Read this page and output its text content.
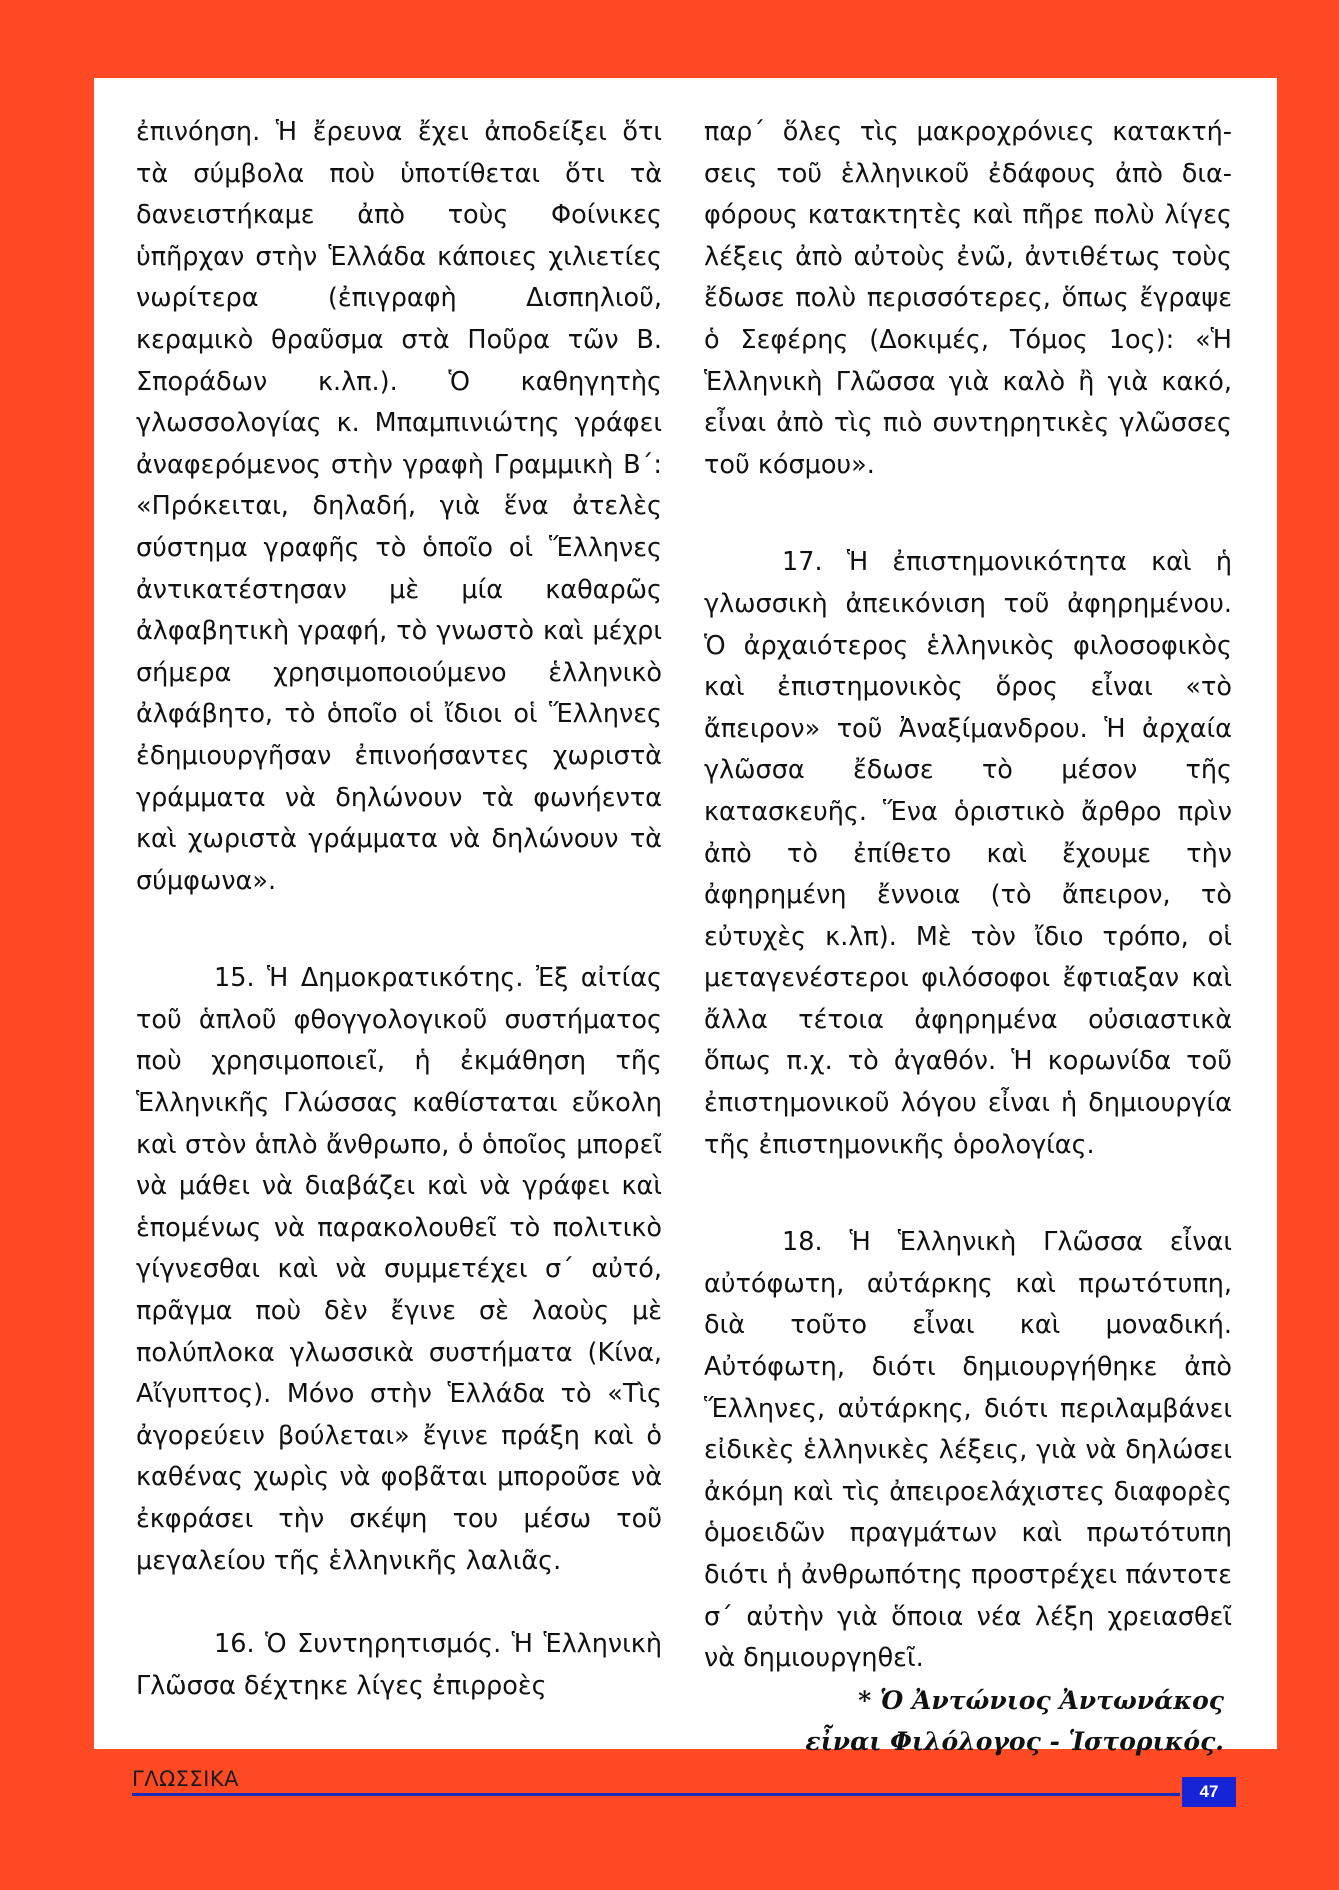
ἐπινόηση. Ἡ ἔρευνα ἔχει ἀποδείξει ὅτι τὰ σύμβολα ποὺ ὑποτίθεται ὅτι τὰ δανειστήκαμε ἀπὸ τοὺς Φοίνικες ὑπῆρχαν στὴν Ἑλλάδα κάποιες χιλιετίες νωρίτερα (ἐπιγραφὴ Δισπηλιοῦ, κεραμικὸ θραῦσμα στὰ Ποῦρα τῶν Β. Σποράδων κ.λπ.). Ὁ καθηγητὴς γλωσσολογίας κ. Μπαμπινιώτης γράφει ἀναφερόμενος στὴν γραφὴ Γραμμικὴ Β΄: «Πρόκειται, δηλαδή, γιὰ ἕνα ἀτελὲς σύστημα γραφῆς τὸ ὁποῖο οἱ Ἕλληνες ἀντικατέστησαν μὲ μία καθαρῶς ἀλφαβητικὴ γραφή, τὸ γνωστὸ καὶ μέχρι σήμερα χρησιμοποιούμενο ἑλληνικὸ ἀλφάβητο, τὸ ὁποῖο οἱ ἴδιοι οἱ Ἕλληνες ἐδημιουργῆσαν ἐπινοήσαντες χωριστὰ γράμματα νὰ δηλώνουν τὰ φωνήεντα καὶ χωριστὰ γράμματα νὰ δηλώνουν τὰ σύμφωνα».

15. Ἡ Δημοκρατικότης. Ἐξ αἰτίας τοῦ ἁπλοῦ φθογγολογικοῦ συστήματος ποὺ χρησιμοποιεῖ, ἡ ἐκμάθηση τῆς Ἑλληνικῆς Γλώσσας καθίσταται εὔκολη καὶ στὸν ἁπλὸ ἄνθρωπο, ὁ ὁποῖος μπορεῖ νὰ μάθει νὰ διαβάζει καὶ νὰ γράφει καὶ ἑπομένως νὰ παρακολουθεῖ τὸ πολιτικὸ γίγνεσθαι καὶ νὰ συμμετέχει σ΄ αὐτό, πρᾶγμα ποὺ δὲν ἔγινε σὲ λαοὺς μὲ πολύπλοκα γλωσσικὰ συστήματα (Κίνα, Αἴγυπτος). Μόνο στὴν Ἑλλάδα τὸ «Τὶς ἀγορεύειν βούλεται» ἔγινε πράξη καὶ ὁ καθένας χωρὶς νὰ φοβᾶται μποροῦσε νὰ ἐκφράσει τὴν σκέψη του μέσω τοῦ μεγαλείου τῆς ἑλληνικῆς λαλιᾶς.

16. Ὁ Συντηρητισμός. Ἡ Ἑλληνικὴ Γλῶσσα δέχτηκε λίγες ἐπιρροὲς

παρ΄ ὅλες τὶς μακροχρόνιες κατακτήσεις τοῦ ἑλληνικοῦ ἐδάφους ἀπὸ διαφόρους κατακτητὲς καὶ πῆρε πολὺ λίγες λέξεις ἀπὸ αὐτοὺς ἐνῶ, ἀντιθέτως τοὺς ἔδωσε πολὺ περισσότερες, ὅπως ἔγραψε ὁ Σεφέρης (Δοκιμές, Τόμος 1ος): «Ἡ Ἑλληνικὴ Γλῶσσα γιὰ καλὸ ἢ γιὰ κακό, εἶναι ἀπὸ τὶς πιὸ συντηρητικὲς γλῶσσες τοῦ κόσμου».

17. Ἡ ἐπιστημονικότητα καὶ ἡ γλωσσικὴ ἀπεικόνιση τοῦ ἀφηρημένου. Ὁ ἀρχαιότερος ἑλληνικὸς φιλοσοφικὸς καὶ ἐπιστημονικὸς ὅρος εἶναι «τὸ ἄπειρον» τοῦ Ἀναξίμανδρου. Ἡ ἀρχαία γλῶσσα ἔδωσε τὸ μέσον τῆς κατασκευῆς. Ἕνα ὁριστικὸ ἄρθρο πρὶν ἀπὸ τὸ ἐπίθετο καὶ ἔχουμε τὴν ἀφηρημένη ἔννοια (τὸ ἄπειρον, τὸ εὐτυχὲς κ.λπ). Μὲ τὸν ἴδιο τρόπο, οἱ μεταγενέστεροι φιλόσοφοι ἔφτιαξαν καὶ ἄλλα τέτοια ἀφηρημένα οὐσιαστικὰ ὅπως π.χ. τὸ ἀγαθόν. Ἡ κορωνίδα τοῦ ἐπιστημονικοῦ λόγου εἶναι ἡ δημιουργία τῆς ἐπιστημονικῆς ὁρολογίας.

18. Ἡ Ἑλληνικὴ Γλῶσσα εἶναι αὐτόφωτη, αὐτάρκης καὶ πρωτότυπη, διὰ τοῦτο εἶναι καὶ μοναδική. Αὐτόφωτη, διότι δημιουργήθηκε ἀπὸ Ἕλληνες, αὐτάρκης, διότι περιλαμβάνει εἰδικὲς ἑλληνικὲς λέξεις, γιὰ νὰ δηλώσει ἀκόμη καὶ τὶς ἀπειροελάχιστες διαφορὲς ὁμοειδῶν πραγμάτων καὶ πρωτότυπη διότι ἡ ἀνθρωπότης προστρέχει πάντοτε σ΄ αὐτὴν γιὰ ὅποια νέα λέξη χρειασθεῖ νὰ δημιουργηθεῖ.

* Ὁ Ἀντώνιος Ἀντωνάκος
εἶναι Φιλόλογος - Ἱστορικός.
ΓΛΩΣΣΙΚΑ
47
